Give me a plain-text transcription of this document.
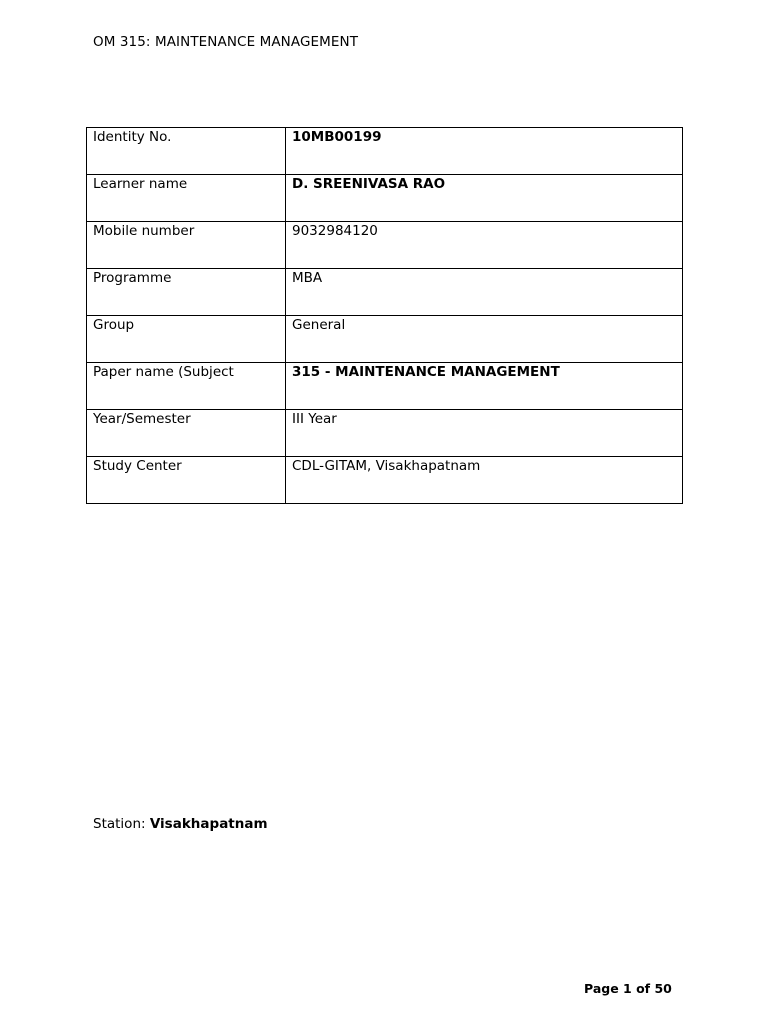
OM 315: MAINTENANCE MANAGEMENT
Identity No.	10MB00199
Learner name	D. SREENIVASA RAO
Mobile number	9032984120
Programme	MBA
Group	General
Paper name (Subject	315 - MAINTENANCE MANAGEMENT
Year/Semester	III Year
Study Center	CDL-GITAM, Visakhapatnam
Station: Visakhapatnam
Page 1 of 50
